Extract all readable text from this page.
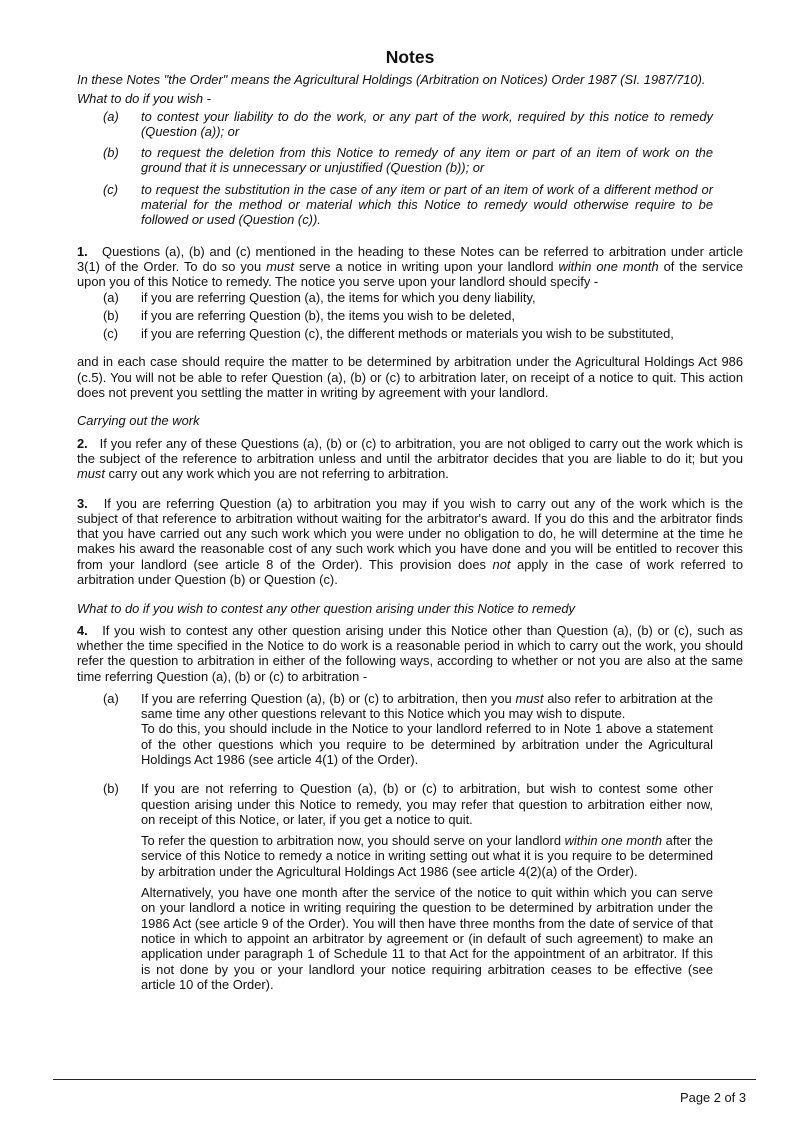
Notes

In these Notes "the Order" means the Agricultural Holdings (Arbitration on Notices) Order 1987 (SI. 1987/710).

What to do if you wish -

(a)	to contest your liability to do the work, or any part of the work, required by this notice to remedy (Question (a)); or
(b)	to request the deletion from this Notice to remedy of any item or part of an item of work on the ground that it is unnecessary or unjustified (Question (b)); or
(c)	to request the substitution in the case of any item or part of an item of work of a different method or material for the method or material which this Notice to remedy would otherwise require to be followed or used (Question (c)).

1. Questions (a), (b) and (c) mentioned in the heading to these Notes can be referred to arbitration under article 3(1) of the Order. To do so you must serve a notice in writing upon your landlord within one month of the service upon you of this Notice to remedy. The notice you serve upon your landlord should specify -

(a)	if you are referring Question (a), the items for which you deny liability,
(b)	if you are referring Question (b), the items you wish to be deleted,
(c)	if you are referring Question (c), the different methods or materials you wish to be substituted,

and in each case should require the matter to be determined by arbitration under the Agricultural Holdings Act 986 (c.5). You will not be able to refer Question (a), (b) or (c) to arbitration later, on receipt of a notice to quit. This action does not prevent you settling the matter in writing by agreement with your landlord.

Carrying out the work

2. If you refer any of these Questions (a), (b) or (c) to arbitration, you are not obliged to carry out the work which is the subject of the reference to arbitration unless and until the arbitrator decides that you are liable to do it; but you must carry out any work which you are not referring to arbitration.

3. If you are referring Question (a) to arbitration you may if you wish to carry out any of the work which is the subject of that reference to arbitration without waiting for the arbitrator's award. If you do this and the arbitrator finds that you have carried out any such work which you were under no obligation to do, he will determine at the time he makes his award the reasonable cost of any such work which you have done and you will be entitled to recover this from your landlord (see article 8 of the Order). This provision does not apply in the case of work referred to arbitration under Question (b) or Question (c).

What to do if you wish to contest any other question arising under this Notice to remedy

4. If you wish to contest any other question arising under this Notice other than Question (a), (b) or (c), such as whether the time specified in the Notice to do work is a reasonable period in which to carry out the work, you should refer the question to arbitration in either of the following ways, according to whether or not you are also at the same time referring Question (a), (b) or (c) to arbitration -

(a)	If you are referring Question (a), (b) or (c) to arbitration, then you must also refer to arbitration at the same time any other questions relevant to this Notice which you may wish to dispute.

To do this, you should include in the Notice to your landlord referred to in Note 1 above a statement of the other questions which you require to be determined by arbitration under the Agricultural Holdings Act 1986 (see article 4(1) of the Order).

(b)	If you are not referring to Question (a), (b) or (c) to arbitration, but wish to contest some other question arising under this Notice to remedy, you may refer that question to arbitration either now, on receipt of this Notice, or later, if you get a notice to quit.

To refer the question to arbitration now, you should serve on your landlord within one month after the service of this Notice to remedy a notice in writing setting out what it is you require to be determined by arbitration under the Agricultural Holdings Act 1986 (see article 4(2)(a) of the Order).

Alternatively, you have one month after the service of the notice to quit within which you can serve on your landlord a notice in writing requiring the question to be determined by arbitration under the 1986 Act (see article 9 of the Order). You will then have three months from the date of service of that notice in which to appoint an arbitrator by agreement or (in default of such agreement) to make an application under paragraph 1 of Schedule 11 to that Act for the appointment of an arbitrator. If this is not done by you or your landlord your notice requiring arbitration ceases to be effective (see article 10 of the Order).

Page 2 of 3
